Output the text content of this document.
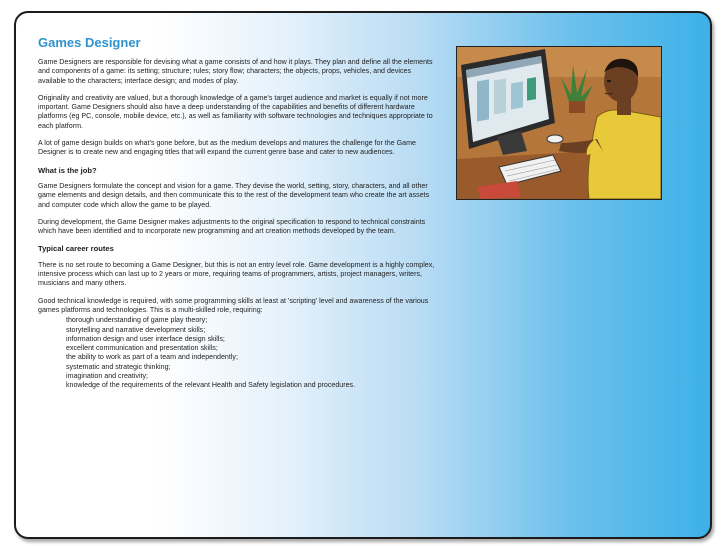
Games Designer

Game Designers are responsible for devising what a game consists of and how it plays. They plan and define all the elements and components of a game: its setting; structure; rules; story flow; characters; the objects, props, vehicles, and devices available to the characters; interface design; and modes of play.

Originality and creativity are valued, but a thorough knowledge of a game's target audience and market is equally if not more important. Game Designers should also have a deep understanding of the capabilities and benefits of different hardware platforms (eg PC, console, mobile device, etc.), as well as familiarity with software technologies and techniques appropriate to each platform.

A lot of game design builds on what's gone before, but as the medium develops and matures the challenge for the Game Designer is to create new and engaging titles that will expand the current genre base and cater to new audiences.

What is the job?

Game Designers formulate the concept and vision for a game. They devise the world, setting, story, characters, and all other game elements and design details, and then communicate this to the rest of the development team who create the art assets and computer code which allow the game to be played.

During development, the Game Designer makes adjustments to the original specification to respond to technical constraints which have been identified and to incorporate new programming and art creation methods developed by the team.

Typical career routes

There is no set route to becoming a Game Designer, but this is not an entry level role. Game development is a highly complex, intensive process which can last up to 2 years or more, requiring teams of programmers, artists, project managers, writers, musicians and many others.

Good technical knowledge is required, with some programming skills at least at 'scripting' level and awareness of the various games platforms and technologies. This is a multi-skilled role, requiring:

thorough understanding of game play theory;
storytelling and narrative development skills;
information design and user interface design skills;
excellent communication and presentation skills;
the ability to work as part of a team and independently;
systematic and strategic thinking;
imagination and creativity;
knowledge of the requirements of the relevant Health and Safety legislation and procedures.
